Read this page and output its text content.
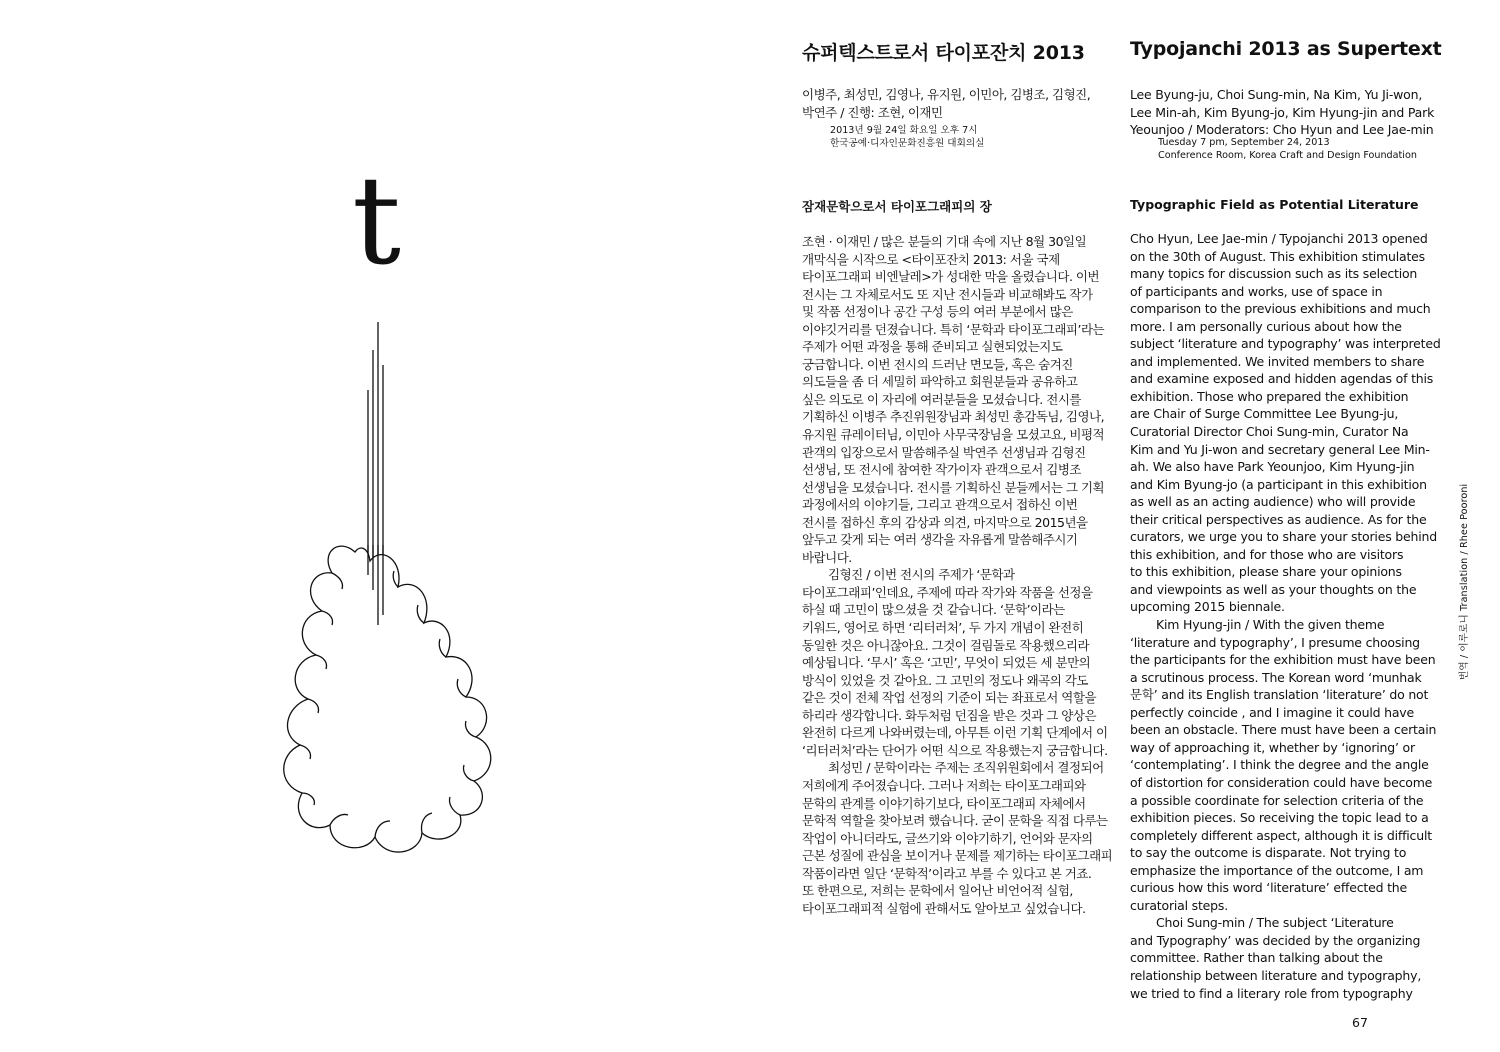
t
슈퍼텍스트로서 타이포잔치 2013
이병주, 최성민, 김영나, 유지원, 이민아, 김병조, 김형진,
박연주 / 진행: 조현, 이재민
2013년 9월 24일 화요일 오후 7시
한국공예·디자인문화진흥원 대회의실
잠재문학으로서 타이포그래피의 장
조현 · 이재민 / 많은 분들의 기대 속에 지난 8월 30일일
개막식을 시작으로 <타이포잔치 2013: 서울 국제
타이포그래피 비엔날레>가 성대한 막을 올렸습니다. 이번
전시는 그 자체로서도 또 지난 전시들과 비교해봐도 작가
및 작품 선정이나 공간 구성 등의 여러 부분에서 많은
이야깃거리를 던졌습니다. 특히 ‘문학과 타이포그래피’라는
주제가 어떤 과정을 통해 준비되고 실현되었는지도
궁금합니다. 이번 전시의 드러난 면모들, 혹은 숨겨진
의도들을 좀 더 세밀히 파악하고 회원분들과 공유하고
싶은 의도로 이 자리에 여러분들을 모셨습니다. 전시를
기획하신 이병주 추진위원장님과 최성민 총감독님, 김영나,
유지원 큐레이터님, 이민아 사무국장님을 모셨고요, 비평적
관객의 입장으로서 말씀해주실 박연주 선생님과 김형진
선생님, 또 전시에 참여한 작가이자 관객으로서 김병조
선생님을 모셨습니다. 전시를 기획하신 분들께서는 그 기획
과정에서의 이야기들, 그리고 관객으로서 접하신 이번
전시를 접하신 후의 감상과 의견, 마지막으로 2015년을
앞두고 갖게 되는 여러 생각을 자유롭게 말씀해주시기
바랍니다.
김형진 / 이번 전시의 주제가 ‘문학과
타이포그래피’인데요, 주제에 따라 작가와 작품을 선정을
하실 때 고민이 많으셨을 것 같습니다. ‘문학’이라는
키워드, 영어로 하면 ‘리터러처’, 두 가지 개념이 완전히
동일한 것은 아니잖아요. 그것이 걸림돌로 작용했으리라
예상됩니다. ‘무시’ 혹은 ‘고민’, 무엇이 되었든 세 분만의
방식이 있었을 것 같아요. 그 고민의 정도나 왜곡의 각도
같은 것이 전체 작업 선정의 기준이 되는 좌표로서 역할을
하리라 생각합니다. 화두처럼 던짐을 받은 것과 그 양상은
완전히 다르게 나와버렸는데, 아무튼 이런 기획 단계에서 이
‘리터러처’라는 단어가 어떤 식으로 작용했는지 궁금합니다.
최성민 / 문학이라는 주제는 조직위원회에서 결정되어
저희에게 주어졌습니다. 그러나 저희는 타이포그래피와
문학의 관계를 이야기하기보다, 타이포그래피 자체에서
문학적 역할을 찾아보려 했습니다. 굳이 문학을 직접 다루는
작업이 아니더라도, 글쓰기와 이야기하기, 언어와 문자의
근본 성질에 관심을 보이거나 문제를 제기하는 타이포그래피
작품이라면 일단 ‘문학적’이라고 부를 수 있다고 본 거죠.
또 한편으로, 저희는 문학에서 일어난 비언어적 실험,
타이포그래피적 실험에 관해서도 알아보고 싶었습니다.
Typojanchi 2013 as Supertext
Lee Byung-ju, Choi Sung-min, Na Kim, Yu Ji-won,
Lee Min-ah, Kim Byung-jo, Kim Hyung-jin and Park
Yeounjoo / Moderators: Cho Hyun and Lee Jae-min
Tuesday 7 pm, September 24, 2013
Conference Room, Korea Craft and Design Foundation
Typographic Field as Potential Literature
Cho Hyun, Lee Jae-min / Typojanchi 2013 opened
on the 30th of August. This exhibition stimulates
many topics for discussion such as its selection
of participants and works, use of space in
comparison to the previous exhibitions and much
more. I am personally curious about how the
subject ‘literature and typography’ was interpreted
and implemented. We invited members to share
and examine exposed and hidden agendas of this
exhibition. Those who prepared the exhibition
are Chair of Surge Committee Lee Byung-ju,
Curatorial Director Choi Sung-min, Curator Na
Kim and Yu Ji-won and secretary general Lee Min-
ah. We also have Park Yeounjoo, Kim Hyung-jin
and Kim Byung-jo (a participant in this exhibition
as well as an acting audience) who will provide
their critical perspectives as audience. As for the
curators, we urge you to share your stories behind
this exhibition, and for those who are visitors
to this exhibition, please share your opinions
and viewpoints as well as your thoughts on the
upcoming 2015 biennale.
Kim Hyung-jin / With the given theme
‘literature and typography’, I presume choosing
the participants for the exhibition must have been
a scrutinous process. The Korean word ‘munhak
문학’ and its English translation ‘literature’ do not
perfectly coincide , and I imagine it could have
been an obstacle. There must have been a certain
way of approaching it, whether by ‘ignoring’ or
‘contemplating’. I think the degree and the angle
of distortion for consideration could have become
a possible coordinate for selection criteria of the
exhibition pieces. So receiving the topic lead to a
completely different aspect, although it is difficult
to say the outcome is disparate. Not trying to
emphasize the importance of the outcome, I am
curious how this word ‘literature’ effected the
curatorial steps.
Choi Sung-min / The subject ‘Literature
and Typography’ was decided by the organizing
committee. Rather than talking about the
relationship between literature and typography,
we tried to find a literary role from typography
번역 / 이루로니 Translation / Rhee Pooroni
67
